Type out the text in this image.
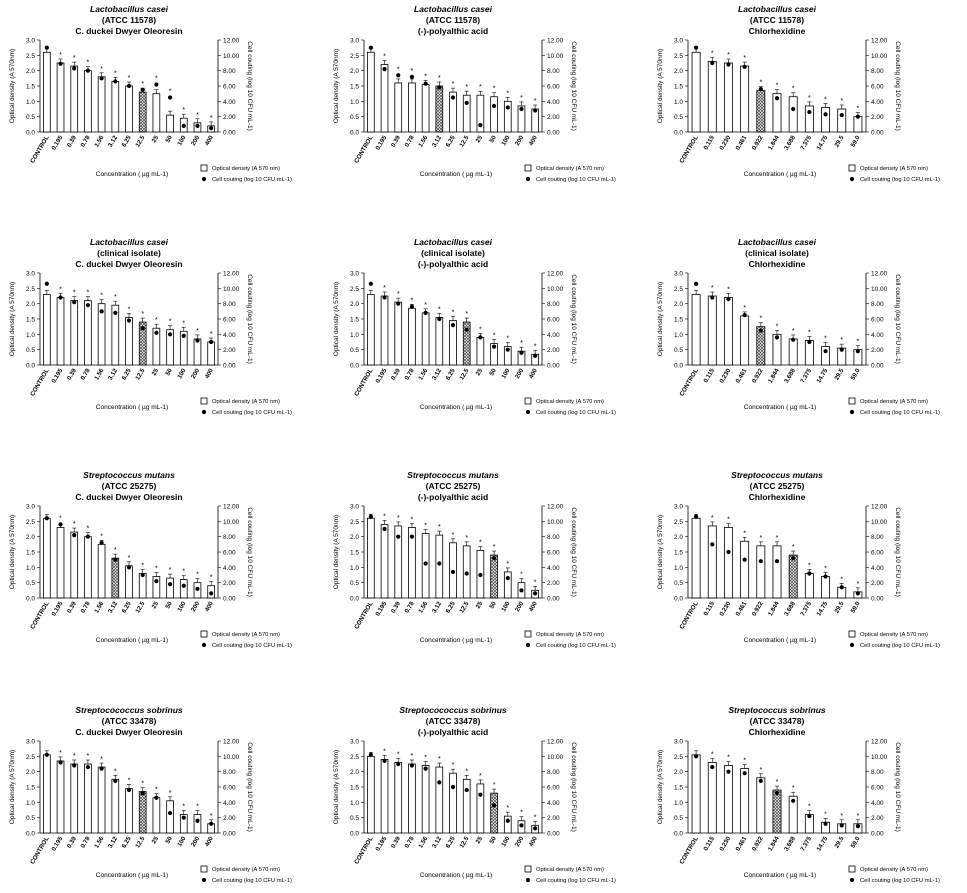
Lactobacillus casei
(ATCC 11578)
C. duckei Dwyer Oleoresin
0.0
0.5
1.0
1.5
2.0
2.5
3.0
0.00
2.00
4.00
6.00
8.00
10.00
12.00
Optical density (A 570nm)	Cell couting (log 10 CFU mL-1)
CONTROL
*
0.195
*
0.39
*
0.78
*
1.56
*
3.12
*
6.25
*
12.5
*
25
*
50
*
100
*
200
*
400
Concentration ( µg mL-1)
Optical density (A 570 nm)
Cell couting (log 10 CFU mL-1)
Lactobacillus casei
(ATCC 11578)
(-)-polyalthic acid
0.0
0.5
1.0
1.5
2.0
2.5
3.0
0.00
2.00
4.00
6.00
8.00
10.00
12.00
Optical density (A 570nm)	Cell couting (log 10 CFU mL-1)
CONTROL
*
0.195
*
0.39
*
0.78
*
1.56
*
3.12
*
6.25
*
12.5
*
25
*
50
*
100
*
200
*
400
Concentration ( µg mL-1)
Optical density (A 570 nm)
Cell couting (log 10 CFU mL-1)
Lactobacillus casei
(ATCC 11578)
Chlorhexidine
0.0
0.5
1.0
1.5
2.0
2.5
3.0
0.00
2.00
4.00
6.00
8.00
10.00
12.00
Optical density (A 570nm)	Cell couting (log 10 CFU mL-1)
CONTROL
*
0.115
*
0.230
*
0.461
*
0.922
*
1.844
*
3.688
*
7.375
*
14.75
*
29.5
*
59.0
Concentration ( µg mL-1)
Optical density (A 570 nm)
Cell couting (log 10 CFU mL-1)
Lactobacillus casei
(clinical isolate)
C. duckei Dwyer Oleoresin
0.0
0.5
1.0
1.5
2.0
2.5
3.0
0.00
2.00
4.00
6.00
8.00
10.00
12.00
Optical density (A 570nm)	Cell couting (log 10 CFU mL-1)
CONTROL
*
0.195
*
0.39
*
0.78
*
1.56
*
3.12
*
6.25
*
12.5
*
25
*
50
*
100
*
200
*
400
Concentration ( µg mL-1)
Optical density (A 570 nm)
Cell couting (log 10 CFU mL-1)
Lactobacillus casei
(clinical isolate)
(-)-polyalthic acid
0.0
0.5
1.0
1.5
2.0
2.5
3.0
0.00
2.00
4.00
6.00
8.00
10.00
12.00
Optical density (A 570nm)	Cell couting (log 10 CFU mL-1)
CONTROL
*
0.195
*
0.39
*
0.78
*
1.56
*
3.12
*
6.25
*
12.5
*
25
*
50
*
100
*
200
*
400
Concentration ( µg mL-1)
Optical density (A 570 nm)
Cell couting (log 10 CFU mL-1)
Lactobacillus casei
(clinical isolate)
Chlorhexidine
0.0
0.5
1.0
1.5
2.0
2.5
3.0
0.00
2.00
4.00
6.00
8.00
10.00
12.00
Optical density (A 570nm)	Cell couting (log 10 CFU mL-1)
CONTROL
*
0.115
*
0.230
*
0.461
*
0.922
*
1.844
*
3.688
*
7.375
*
14.75
*
29.5
*
59.0
Concentration ( µg mL-1)
Optical density (A 570 nm)
Cell couting (log 10 CFU mL-1)
Streptococcus mutans
(ATCC 25275)
C. duckei Dwyer Oleoresin
0.0
0.5
1.0
1.5
2.0
2.5
3.0
0.00
2.00
4.00
6.00
8.00
10.00
12.00
Optical density (A 570nm)	Cell couting (log 10 CFU mL-1)
CONTROL
*
0.195
*
0.39
*
0.78
*
1.56
*
3.12
*
6.25
*
12.5
*
25
*
50
*
100
*
200
*
400
Concentration ( µg mL-1)
Optical density (A 570 nm)
Cell couting (log 10 CFU mL-1)
Streptococcus mutans
(ATCC 25275)
(-)-polyalthic acid
0.0
0.5
1.0
1.5
2.0
2.5
3.0
0.00
2.00
4.00
6.00
8.00
10.00
12.00
Optical density (A 570nm)	Cell couting (log 10 CFU mL-1)
CONTROL
*
0.195
*
0.39
*
0.78
*
1.56
*
3.12
*
6.25
*
12.5
*
25
*
50
*
100
*
200
*
400
Concentration ( µg mL-1)
Optical density (A 570 nm)
Cell couting (log 10 CFU mL-1)
Streptococcus mutans
(ATCC 25275)
Chlorhexidine
0.0
0.5
1.0
1.5
2.0
2.5
3.0
0.00
2.00
4.00
6.00
8.00
10.00
12.00
Optical density (A 570nm)	Cell couting (log 10 CFU mL-1)
CONTROL
*
0.115
*
0.230
*
0.461
*
0.922
*
1.844
*
3.688
*
7.375
*
14.75
*
29.5
*
59.0
Concentration ( µg mL-1)
Optical density (A 570 nm)
Cell couting (log 10 CFU mL-1)
Streptocococcus sobrinus
(ATCC 33478)
C. duckei Dwyer Oleoresin
0.0
0.5
1.0
1.5
2.0
2.5
3.0
0.00
2.00
4.00
6.00
8.00
10.00
12.00
Optical density (A 570nm)	Cell couting (log 10 CFU mL-1)
CONTROL
*
0.195
*
0.39
*
0.78
*
1.56
*
3.12
*
6.25
*
12.5
*
25
*
50
*
100
*
200
*
400
Concentration ( µg mL-1)
Optical density (A 570 nm)
Cell couting (log 10 CFU mL-1)
Streptocococcus sobrinus
(ATCC 33478)
(-)-polyalthic acid
0.0
0.5
1.0
1.5
2.0
2.5
3.0
0.00
2.00
4.00
6.00
8.00
10.00
12.00
Optical density (A 570nm)	Cell couting (log 10 CFU mL-1)
CONTROL
*
0.195
*
0.39
*
0.78
*
1.56
*
3.12
*
6.25
*
12.5
*
25
*
50
*
100
*
200
*
400
Concentration ( µg mL-1)
Optical density (A 570 nm)
Cell couting (log 10 CFU mL-1)
Streptococcus sobrinus
(ATCC 33478)
Chlorhexidine
0.0
0.5
1.0
1.5
2.0
2.5
3.0
0.00
2.00
4.00
6.00
8.00
10.00
12.00
Optical density (A 570nm)	Cell couting (log 10 CFU mL-1)
CONTROL
*
0.115
*
0.230
*
0.461
*
0.922
*
1.844
*
3.688
*
7.375
*
14.75
*
29.5
*
59.0
Concentration ( µg mL-1)
Optical density (A 570 nm)
Cell couting (log 10 CFU mL-1)
